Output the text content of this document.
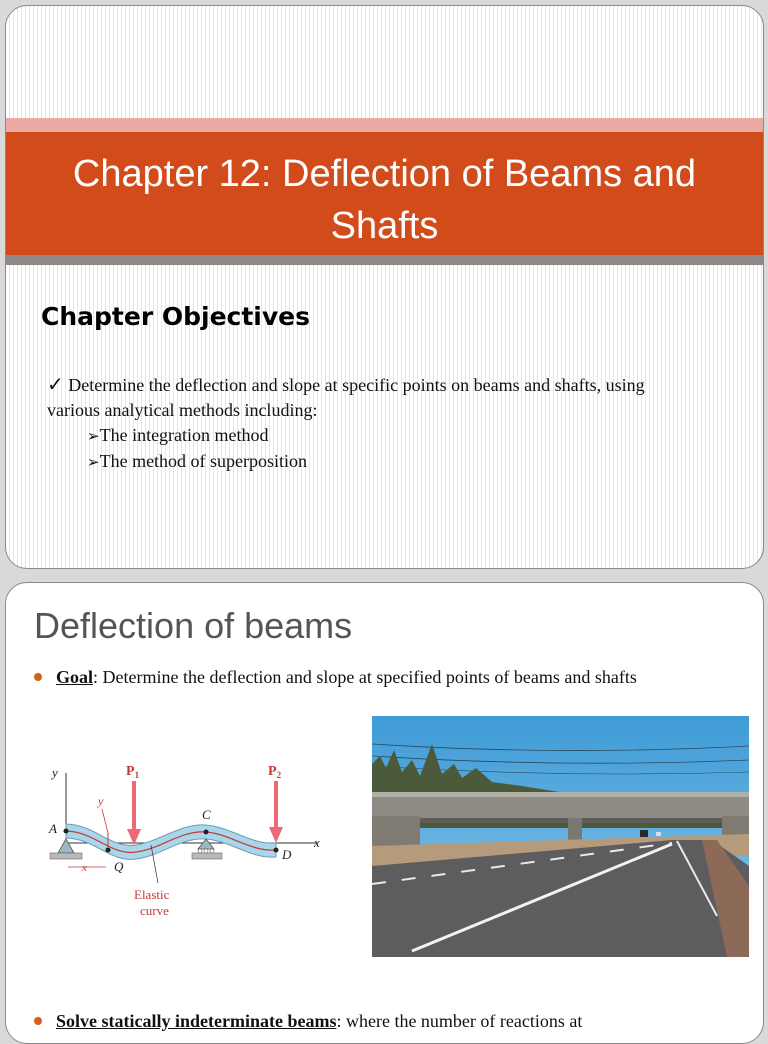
Chapter 12: Deflection of Beams and
Shafts
Chapter Objectives
✓ Determine the deflection and slope at specific points on beams and shafts, using
various analytical methods including:
➢The integration method
➢The method of superposition
Deflection of beams
Goal: Determine the deflection and slope at specified points of beams and shafts
y
x
A
C
D
Q
y
x
$P_1$	$P_2$
Elastic
curve
Solve statically indeterminate beams: where the number of reactions at
